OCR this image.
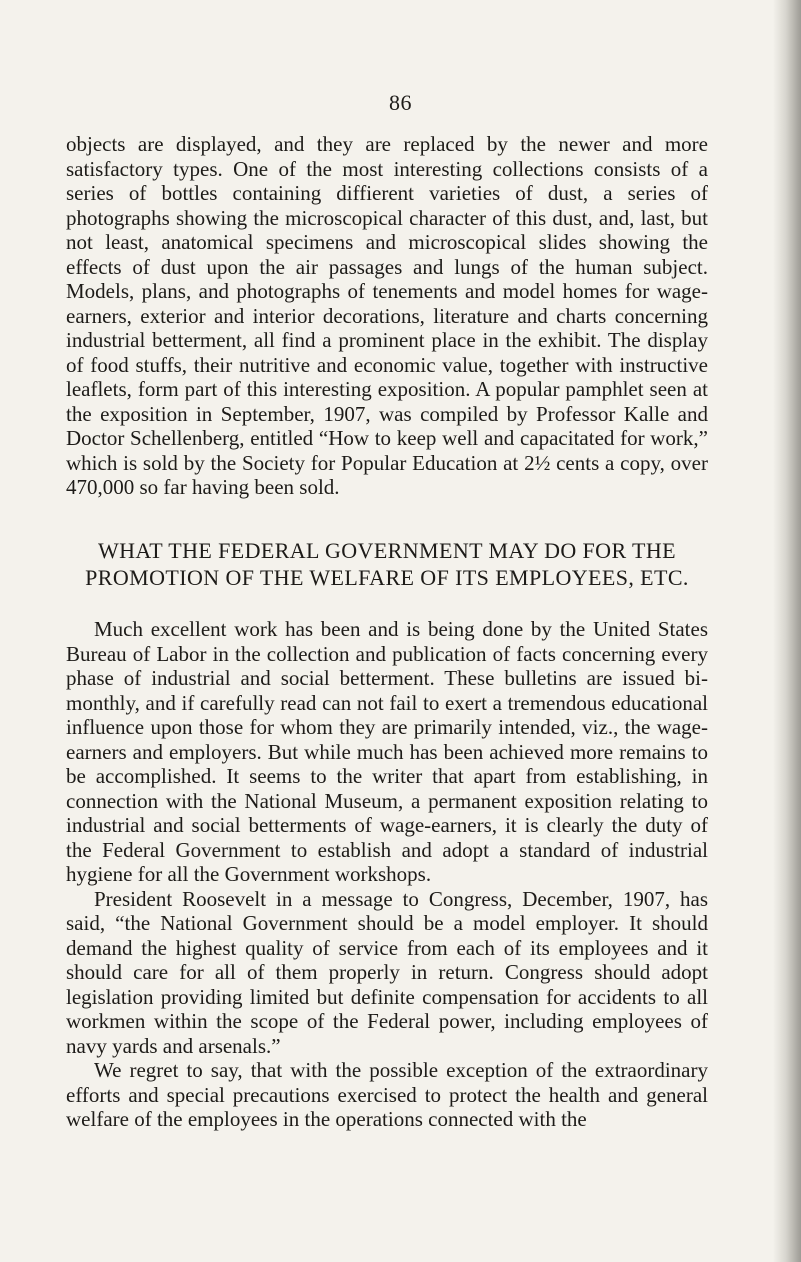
86

objects are displayed, and they are replaced by the newer and more satisfactory types. One of the most interesting collections consists of a series of bottles containing diffierent varieties of dust, a series of photographs showing the microscopical character of this dust, and, last, but not least, anatomical specimens and microscopical slides showing the effects of dust upon the air passages and lungs of the human subject. Models, plans, and photographs of tenements and model homes for wage-earners, exterior and interior decorations, literature and charts concerning industrial betterment, all find a prominent place in the exhibit. The display of food stuffs, their nutritive and economic value, together with instructive leaflets, form part of this interesting exposition. A popular pamphlet seen at the exposition in September, 1907, was compiled by Professor Kalle and Doctor Schellenberg, entitled “How to keep well and capacitated for work,” which is sold by the Society for Popular Education at 2½ cents a copy, over 470,000 so far having been sold.

WHAT THE FEDERAL GOVERNMENT MAY DO FOR THE PROMOTION OF THE WELFARE OF ITS EMPLOYEES, ETC.

Much excellent work has been and is being done by the United States Bureau of Labor in the collection and publication of facts concerning every phase of industrial and social betterment. These bulletins are issued bi-monthly, and if carefully read can not fail to exert a tremendous educational influence upon those for whom they are primarily intended, viz., the wage-earners and employers. But while much has been achieved more remains to be accomplished. It seems to the writer that apart from establishing, in connection with the National Museum, a permanent exposition relating to industrial and social betterments of wage-earners, it is clearly the duty of the Federal Government to establish and adopt a standard of industrial hygiene for all the Government workshops.

President Roosevelt in a message to Congress, December, 1907, has said, “the National Government should be a model employer. It should demand the highest quality of service from each of its employees and it should care for all of them properly in return. Congress should adopt legislation providing limited but definite compensation for accidents to all workmen within the scope of the Federal power, including employees of navy yards and arsenals.”

We regret to say, that with the possible exception of the extraordinary efforts and special precautions exercised to protect the health and general welfare of the employees in the operations connected with the
